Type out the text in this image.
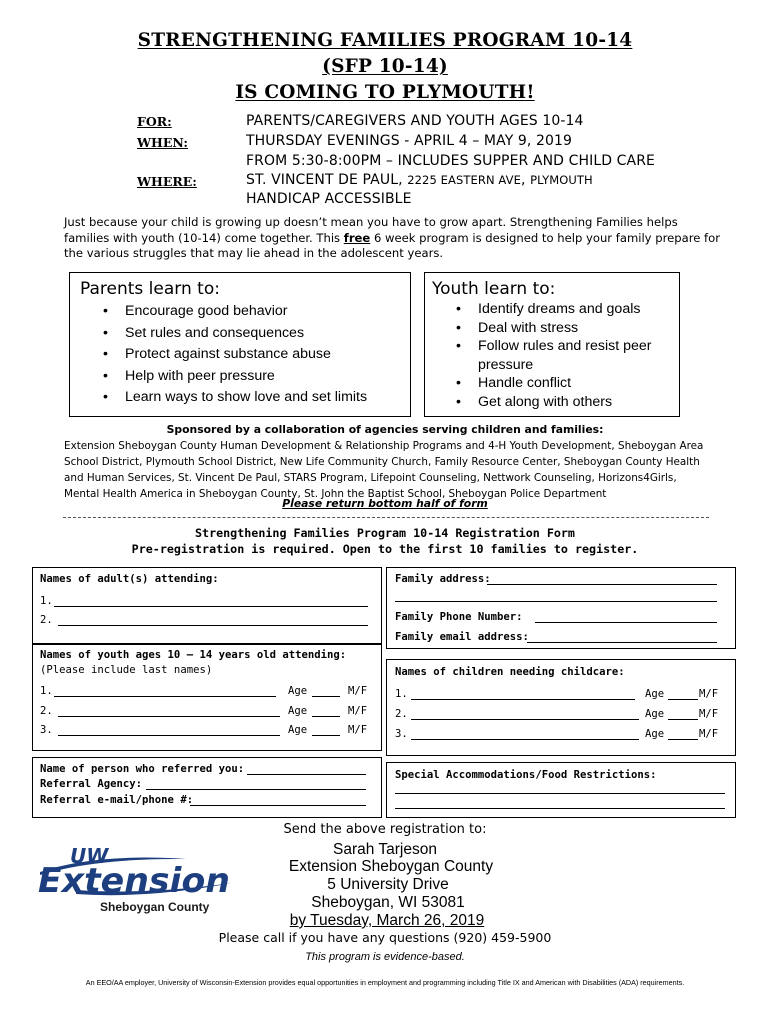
STRENGTHENING FAMILIES PROGRAM 10-14
(SFP 10-14)
IS COMING TO PLYMOUTH!
FOR:	PARENTS/CAREGIVERS AND YOUTH AGES 10-14
WHEN:	THURSDAY EVENINGS - APRIL 4 – MAY 9, 2019
FROM 5:30-8:00PM – INCLUDES SUPPER AND CHILD CARE
WHERE:	ST. VINCENT DE PAUL, 2225 EASTERN AVE, PLYMOUTH
HANDICAP ACCESSIBLE
Just because your child is growing up doesn’t mean you have to grow apart. Strengthening Families helps families with youth (10-14) come together. This free 6 week program is designed to help your family prepare for the various struggles that may lie ahead in the adolescent years.
Parents learn to:
• Encourage good behavior
• Set rules and consequences
• Protect against substance abuse
• Help with peer pressure
• Learn ways to show love and set limits
Youth learn to:
• Identify dreams and goals
• Deal with stress
• Follow rules and resist peer
pressure
• Handle conflict
• Get along with others
Sponsored by a collaboration of agencies serving children and families:
Extension Sheboygan County Human Development & Relationship Programs and 4-H Youth Development, Sheboygan Area School District, Plymouth School District, New Life Community Church, Family Resource Center, Sheboygan County Health and Human Services, St. Vincent De Paul, STARS Program, Lifepoint Counseling, Nettwork Counseling, Horizons4Girls, Mental Health America in Sheboygan County, St. John the Baptist School, Sheboygan Police Department
Please return bottom half of form
Strengthening Families Program 10-14 Registration Form
Pre-registration is required. Open to the first 10 families to register.
Names of adult(s) attending:
1.
2.
Family address:
Family Phone Number:
Family email address:
Names of youth ages 10 – 14 years old attending:
(Please include last names)
1.	Age	M/F
2.	Age	M/F
3.	Age	M/F
Names of children needing childcare:
1.	Age	M/F
2.	Age	M/F
3.	Age	M/F
Name of person who referred you:
Referral Agency:
Referral e-mail/phone #:
Special Accommodations/Food Restrictions:
Send the above registration to:
Sarah Tarjeson
Extension Sheboygan County
5 University Drive
Sheboygan, WI 53081
by Tuesday, March 26, 2019
Please call if you have any questions (920) 459-5900
This program is evidence-based.
UW
Extension
Sheboygan County
An EEO/AA employer, University of Wisconsin-Extension provides equal opportunities in employment and programming including Title IX and American with Disabilities (ADA) requirements.
